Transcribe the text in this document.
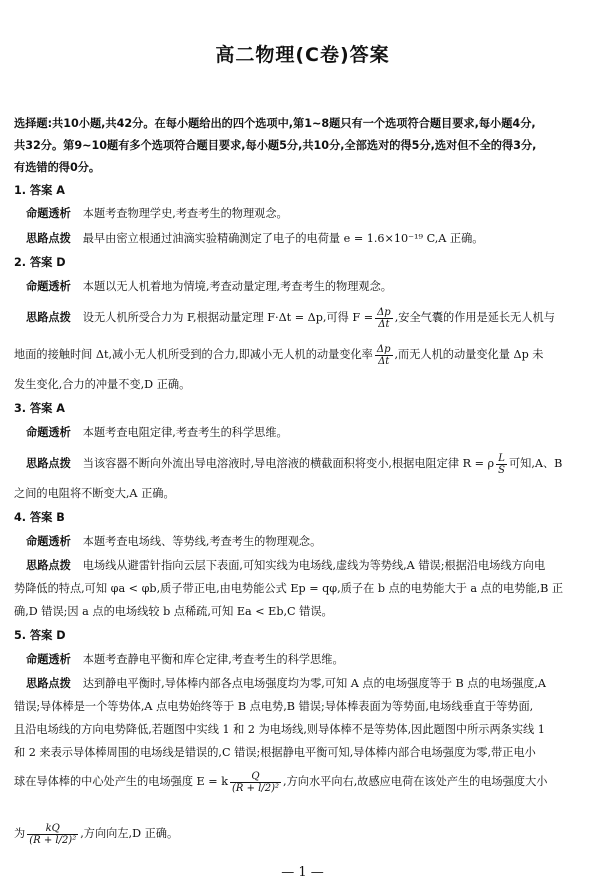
高二物理(C卷)答案
选择题:共10小题,共42分。在每小题给出的四个选项中,第1~8题只有一个选项符合题目要求,每小题4分,
共32分。第9~10题有多个选项符合题目要求,每小题5分,共10分,全部选对的得5分,选对但不全的得3分,
有选错的得0分。
1. 答案 A
命题透析 本题考查物理学史,考查考生的物理观念。
思路点拨 最早由密立根通过油滴实验精确测定了电子的电荷量 e = 1.6×10⁻¹⁹ C,A 正确。
2. 答案 D
命题透析 本题以无人机着地为情境,考查动量定理,考查考生的物理观念。
思路点拨 设无人机所受合力为 F,根据动量定理 F·Δt = Δp,可得 $F = \frac{\Delta p}{\Delta t}$ ,安全气囊的作用是延长无人机与
地面的接触时间 Δt,减小无人机所受到的合力,即减小无人机的动量变化率 $\frac{\Delta p}{\Delta t}$ ,而无人机的动量变化量 Δp 未
发生变化,合力的冲量不变,D 正确。
3. 答案 A
命题透析 本题考查电阻定律,考查考生的科学思维。
思路点拨 当该容器不断向外流出导电溶液时,导电溶液的横截面积将变小,根据电阻定律 R = ρ $\frac{L}{S}$ 可知,A、B
之间的电阻将不断变大,A 正确。
4. 答案 B
命题透析 本题考查电场线、等势线,考查考生的物理观念。
思路点拨 电场线从避雷针指向云层下表面,可知实线为电场线,虚线为等势线,A 错误;根据沿电场线方向电
势降低的特点,可知 φa < φb,质子带正电,由电势能公式 Ep = qφ,质子在 b 点的电势能大于 a 点的电势能,B 正
确,D 错误;因 a 点的电场线较 b 点稀疏,可知 Ea < Eb,C 错误。
5. 答案 D
命题透析 本题考查静电平衡和库仑定律,考查考生的科学思维。
思路点拨 达到静电平衡时,导体棒内部各点电场强度均为零,可知 A 点的电场强度等于 B 点的电场强度,A
错误;导体棒是一个等势体,A 点电势始终等于 B 点电势,B 错误;导体棒表面为等势面,电场线垂直于等势面,
且沿电场线的方向电势降低,若题图中实线 1 和 2 为电场线,则导体棒不是等势体,因此题图中所示两条实线 1
和 2 来表示导体棒周围的电场线是错误的,C 错误;根据静电平衡可知,导体棒内部合电场强度为零,带正电小
球在导体棒的中心处产生的电场强度 E = k $\frac{Q}{\text{(R + l/2)²}}$ ,方向水平向右,故感应电荷在该处产生的电场强度大小
为 $\frac{kQ}{\text{(R + l/2)²}}$ ,方向向左,D 正确。
— 1 —
